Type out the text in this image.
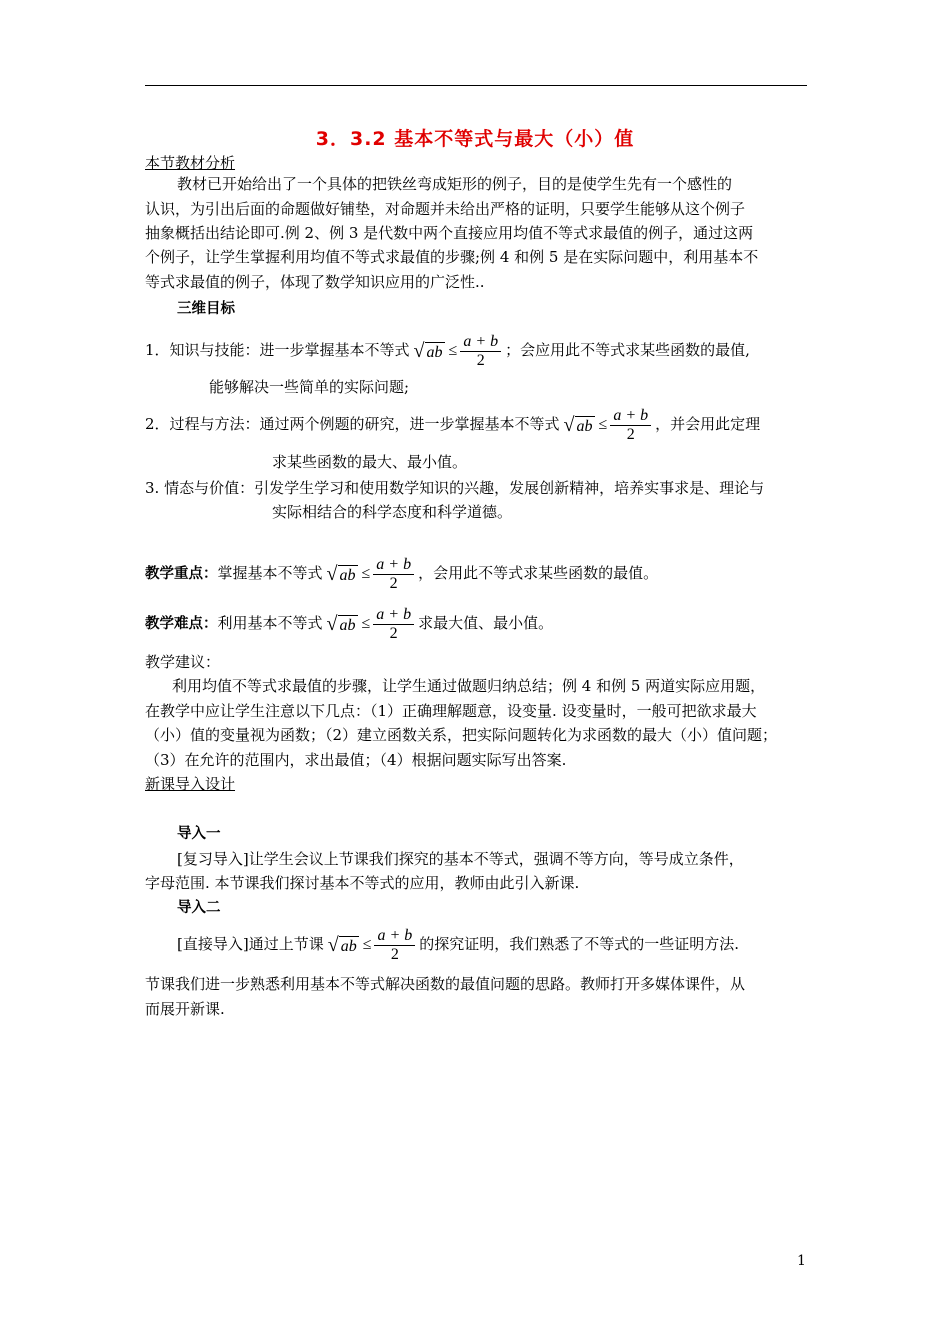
3．3.2 基本不等式与最大（小）值
本节教材分析
教材已开始给出了一个具体的把铁丝弯成矩形的例子，目的是使学生先有一个感性的
认识，为引出后面的命题做好铺垫，对命题并未给出严格的证明，只要学生能够从这个例子
抽象概括出结论即可.例 2、例 3 是代数中两个直接应用均值不等式求最值的例子，通过这两
个例子，让学生掌握利用均值不等式求最值的步骤;例 4 和例 5 是在实际问题中，利用基本不
等式求最值的例子，体现了数学知识应用的广泛性..
三维目标
1．知识与技能：进一步掌握基本不等式 √ ab ≤ $\frac{a + b}{2}$ ；会应用此不等式求某些函数的最值,
能够解决一些简单的实际问题;
2．过程与方法：通过两个例题的研究，进一步掌握基本不等式 √ ab ≤ $\frac{a + b}{2}$ ，并会用此定理
求某些函数的最大、最小值。
3. 情态与价值：引发学生学习和使用数学知识的兴趣，发展创新精神，培养实事求是、理论与
实际相结合的科学态度和科学道德。
教学重点：掌握基本不等式 √ ab ≤ $\frac{a + b}{2}$ ，会用此不等式求某些函数的最值。
教学难点：利用基本不等式 √ ab ≤ $\frac{a + b}{2}$ 求最大值、最小值。
教学建议：
利用均值不等式求最值的步骤，让学生通过做题归纳总结；例 4 和例 5 两道实际应用题，
在教学中应让学生注意以下几点：（1）正确理解题意，设变量. 设变量时，一般可把欲求最大
（小）值的变量视为函数；（2）建立函数关系，把实际问题转化为求函数的最大（小）值问题；
（3）在允许的范围内，求出最值；（4）根据问题实际写出答案.
新课导入设计
导入一
[复习导入]让学生会议上节课我们探究的基本不等式，强调不等方向，等号成立条件，
字母范围. 本节课我们探讨基本不等式的应用，教师由此引入新课.
导入二
[直接导入]通过上节课 √ ab ≤ $\frac{a + b}{2}$ 的探究证明，我们熟悉了不等式的一些证明方法.
节课我们进一步熟悉利用基本不等式解决函数的最值问题的思路。教师打开多媒体课件，从
而展开新课.
1
